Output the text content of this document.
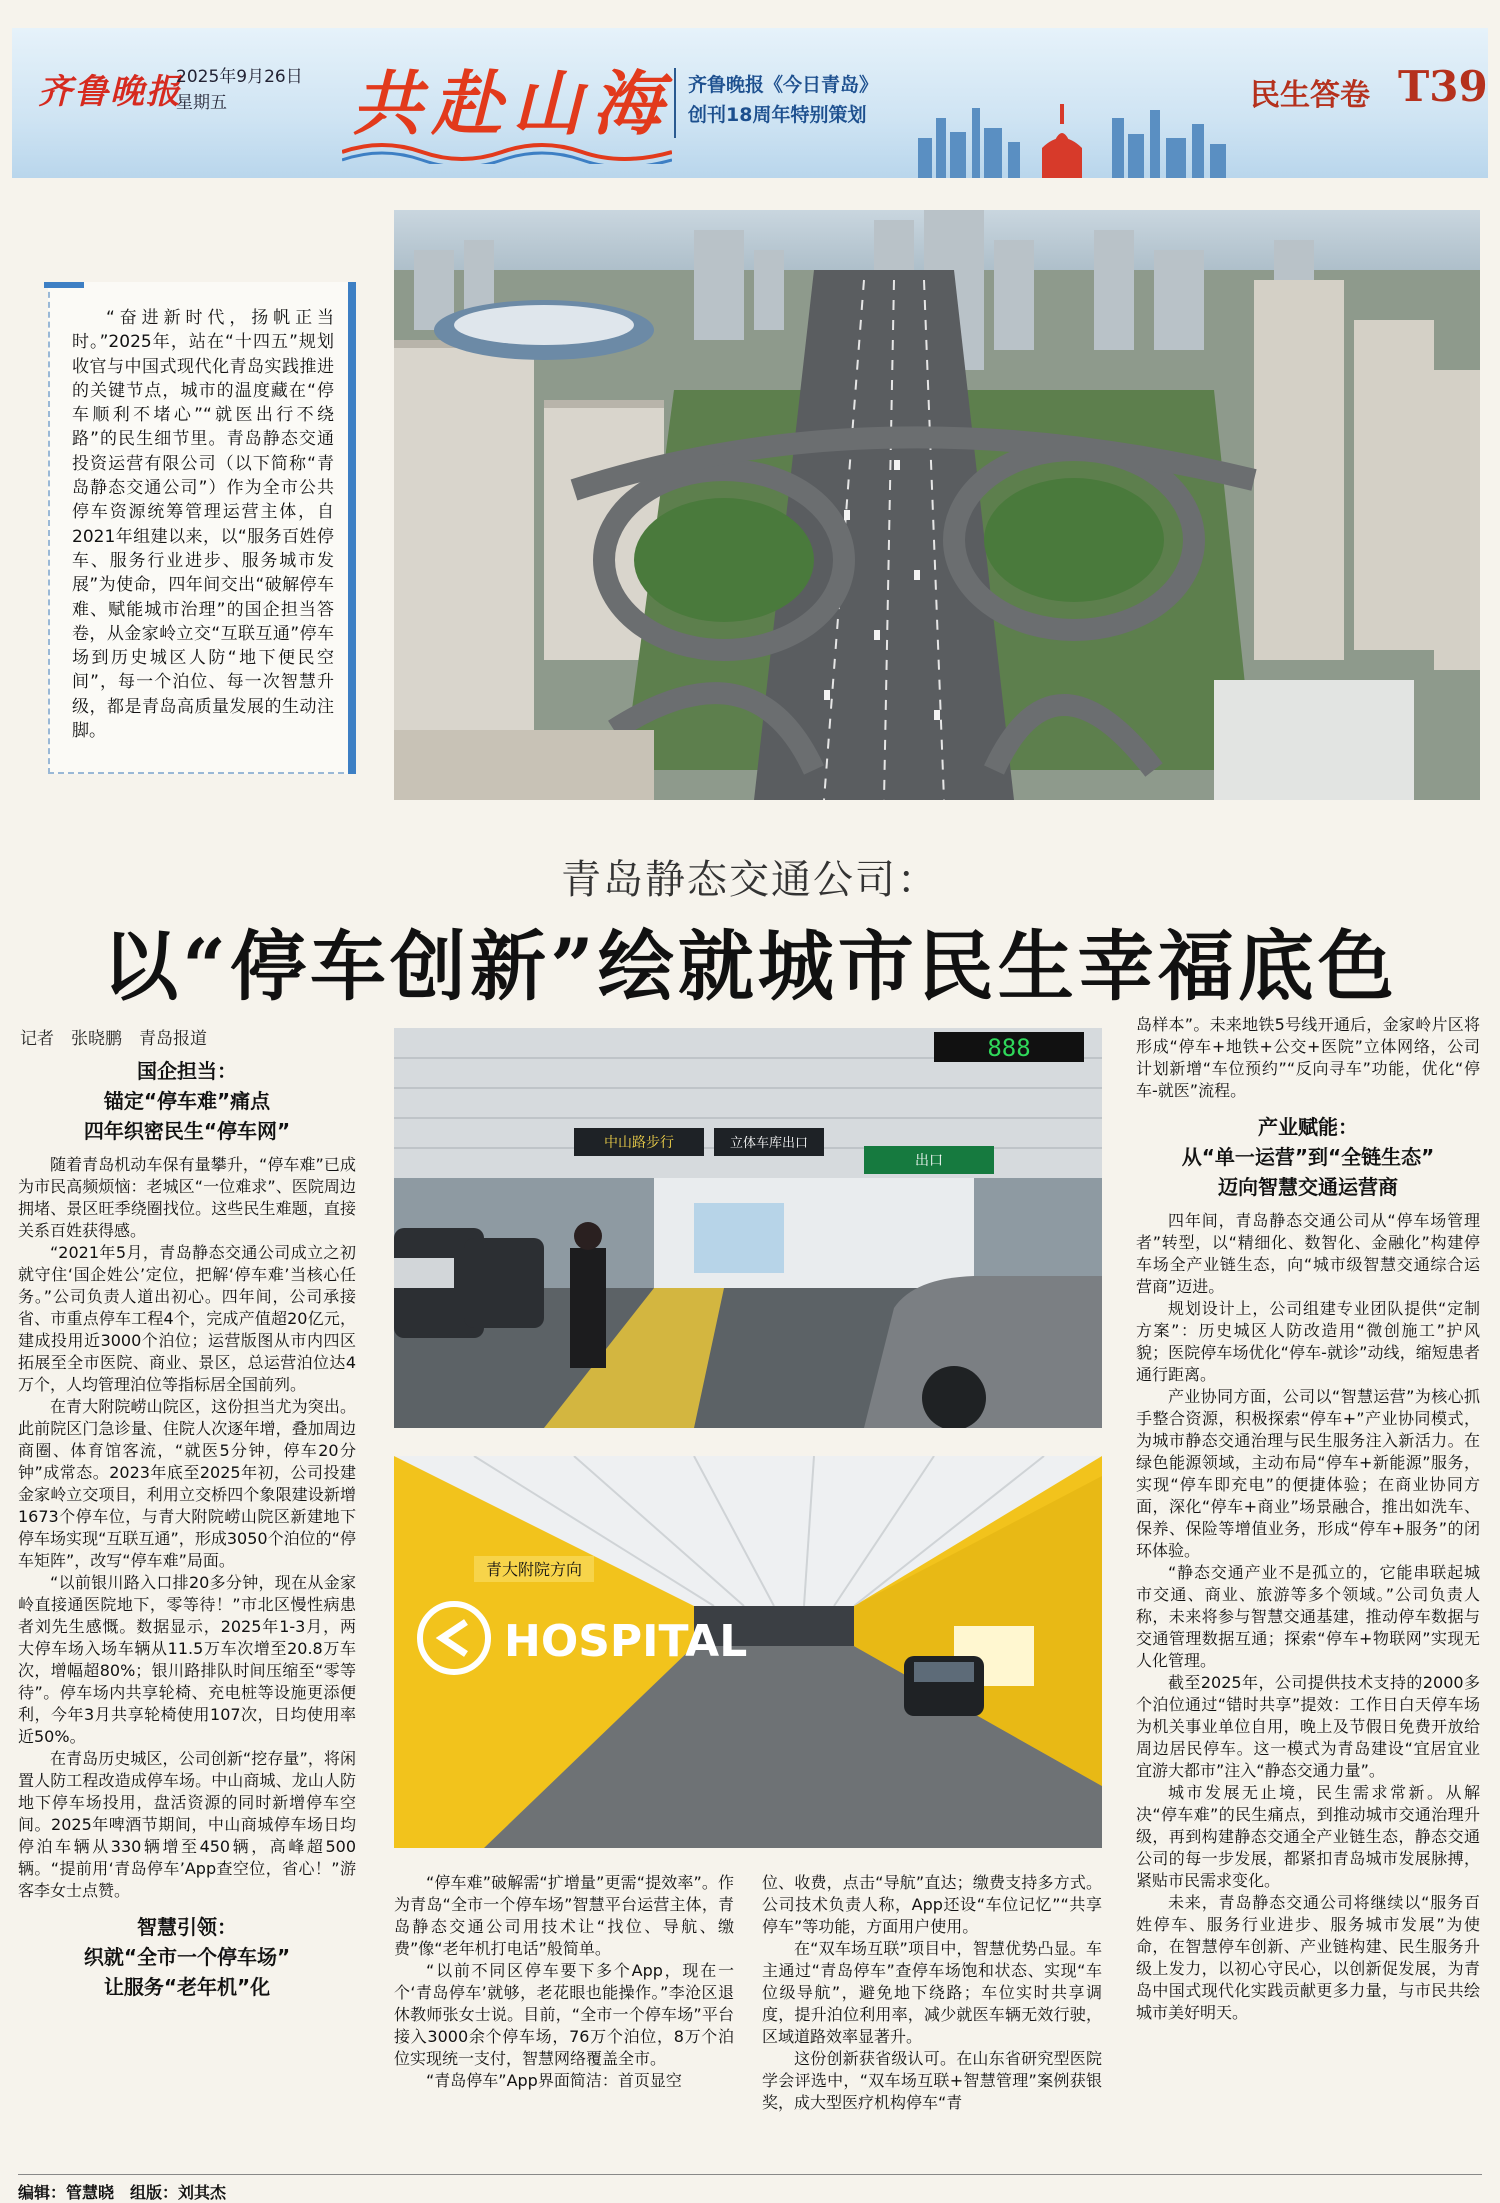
齐鲁晚报
2025年9月26日
星期五	共赴山海 齐鲁晚报《今日青岛》
创刊18周年特别策划
民生答卷 T39
“奋进新时代，扬帆正当时。”2025年，站在“十四五”规划收官与中国式现代化青岛实践推进的关键节点，城市的温度藏在“停车顺利不堵心”“就医出行不绕路”的民生细节里。青岛静态交通投资运营有限公司（以下简称“青岛静态交通公司”）作为全市公共停车资源统筹管理运营主体，自2021年组建以来，以“服务百姓停车、服务行业进步、服务城市发展”为使命，四年间交出“破解停车难、赋能城市治理”的国企担当答卷，从金家岭立交“互联互通”停车场到历史城区人防“地下便民空间”，每一个泊位、每一次智慧升级，都是青岛高质量发展的生动注脚。
青岛静态交通公司：
以“停车创新”绘就城市民生幸福底色
记者　张晓鹏　青岛报道
国企担当：
锚定“停车难”痛点
四年织密民生“停车网”

随着青岛机动车保有量攀升，“停车难”已成为市民高频烦恼：老城区“一位难求”、医院周边拥堵、景区旺季绕圈找位。这些民生难题，直接关系百姓获得感。

“2021年5月，青岛静态交通公司成立之初就守住‘国企姓公’定位，把解‘停车难’当核心任务。”公司负责人道出初心。四年间，公司承接省、市重点停车工程4个，完成产值超20亿元，建成投用近3000个泊位；运营版图从市内四区拓展至全市医院、商业、景区，总运营泊位达4万个，人均管理泊位等指标居全国前列。

在青大附院崂山院区，这份担当尤为突出。此前院区门急诊量、住院人次逐年增，叠加周边商圈、体育馆客流，“就医5分钟，停车20分钟”成常态。2023年底至2025年初，公司投建金家岭立交项目，利用立交桥四个象限建设新增1673个停车位，与青大附院崂山院区新建地下停车场实现“互联互通”，形成3050个泊位的“停车矩阵”，改写“停车难”局面。

“以前银川路入口排20多分钟，现在从金家岭直接通医院地下，零等待！”市北区慢性病患者刘先生感慨。数据显示，2025年1-3月，两大停车场入场车辆从11.5万车次增至20.8万车次，增幅超80%；银川路排队时间压缩至“零等待”。停车场内共享轮椅、充电桩等设施更添便利，今年3月共享轮椅使用107次，日均使用率近50%。

在青岛历史城区，公司创新“挖存量”，将闲置人防工程改造成停车场。中山商城、龙山人防地下停车场投用，盘活资源的同时新增停车空间。2025年啤酒节期间，中山商城停车场日均停泊车辆从330辆增至450辆，高峰超500辆。“提前用‘青岛停车’App查空位，省心！”游客李女士点赞。

智慧引领：
织就“全市一个停车场”
让服务“老年机”化
中山路步行	立体车库出口
出口
888
HOSPITAL
青大附院方向

“停车难”破解需“扩增量”更需“提效率”。作为青岛“全市一个停车场”智慧平台运营主体，青岛静态交通公司用技术让“找位、导航、缴费”像“老年机打电话”般简单。

“以前不同区停车要下多个App，现在一个‘青岛停车’就够，老花眼也能操作。”李沧区退休教师张女士说。目前，“全市一个停车场”平台接入3000余个停车场，76万个泊位，8万个泊位实现统一支付，智慧网络覆盖全市。

“青岛停车”App界面简洁：首页显空

位、收费，点击“导航”直达；缴费支持多方式。公司技术负责人称，App还设“车位记忆”“共享停车”等功能，方面用户使用。

在“双车场互联”项目中，智慧优势凸显。车主通过“青岛停车”查停车场饱和状态、实现“车位级导航”，避免地下绕路；车位实时共享调度，提升泊位利用率，减少就医车辆无效行驶，区域道路效率显著升。

这份创新获省级认可。在山东省研究型医院学会评选中，“双车场互联+智慧管理”案例获银奖，成大型医疗机构停车“青

岛样本”。未来地铁5号线开通后，金家岭片区将形成“停车+地铁+公交+医院”立体网络，公司计划新增“车位预约”“反向寻车”功能，优化“停车-就医”流程。

产业赋能：
从“单一运营”到“全链生态”
迈向智慧交通运营商

四年间，青岛静态交通公司从“停车场管理者”转型，以“精细化、数智化、金融化”构建停车场全产业链生态，向“城市级智慧交通综合运营商”迈进。

规划设计上，公司组建专业团队提供“定制方案”：历史城区人防改造用“微创施工”护风貌；医院停车场优化“停车-就诊”动线，缩短患者通行距离。

产业协同方面，公司以“智慧运营”为核心抓手整合资源，积极探索“停车+”产业协同模式，为城市静态交通治理与民生服务注入新活力。在绿色能源领域，主动布局“停车+新能源”服务，实现“停车即充电”的便捷体验；在商业协同方面，深化“停车+商业”场景融合，推出如洗车、保养、保险等增值业务，形成“停车+服务”的闭环体验。

“静态交通产业不是孤立的，它能串联起城市交通、商业、旅游等多个领域。”公司负责人称，未来将参与智慧交通基建，推动停车数据与交通管理数据互通；探索“停车+物联网”实现无人化管理。

截至2025年，公司提供技术支持的2000多个泊位通过“错时共享”提效：工作日白天停车场为机关事业单位自用，晚上及节假日免费开放给周边居民停车。这一模式为青岛建设“宜居宜业宜游大都市”注入“静态交通力量”。

城市发展无止境，民生需求常新。从解决“停车难”的民生痛点，到推动城市交通治理升级，再到构建静态交通全产业链生态，静态交通公司的每一步发展，都紧扣青岛城市发展脉搏，紧贴市民需求变化。

未来，青岛静态交通公司将继续以“服务百姓停车、服务行业进步、服务城市发展”为使命，在智慧停车创新、产业链构建、民生服务升级上发力，以初心守民心，以创新促发展，为青岛中国式现代化实践贡献更多力量，与市民共绘城市美好明天。

编辑：管慧晓　组版：刘其杰
